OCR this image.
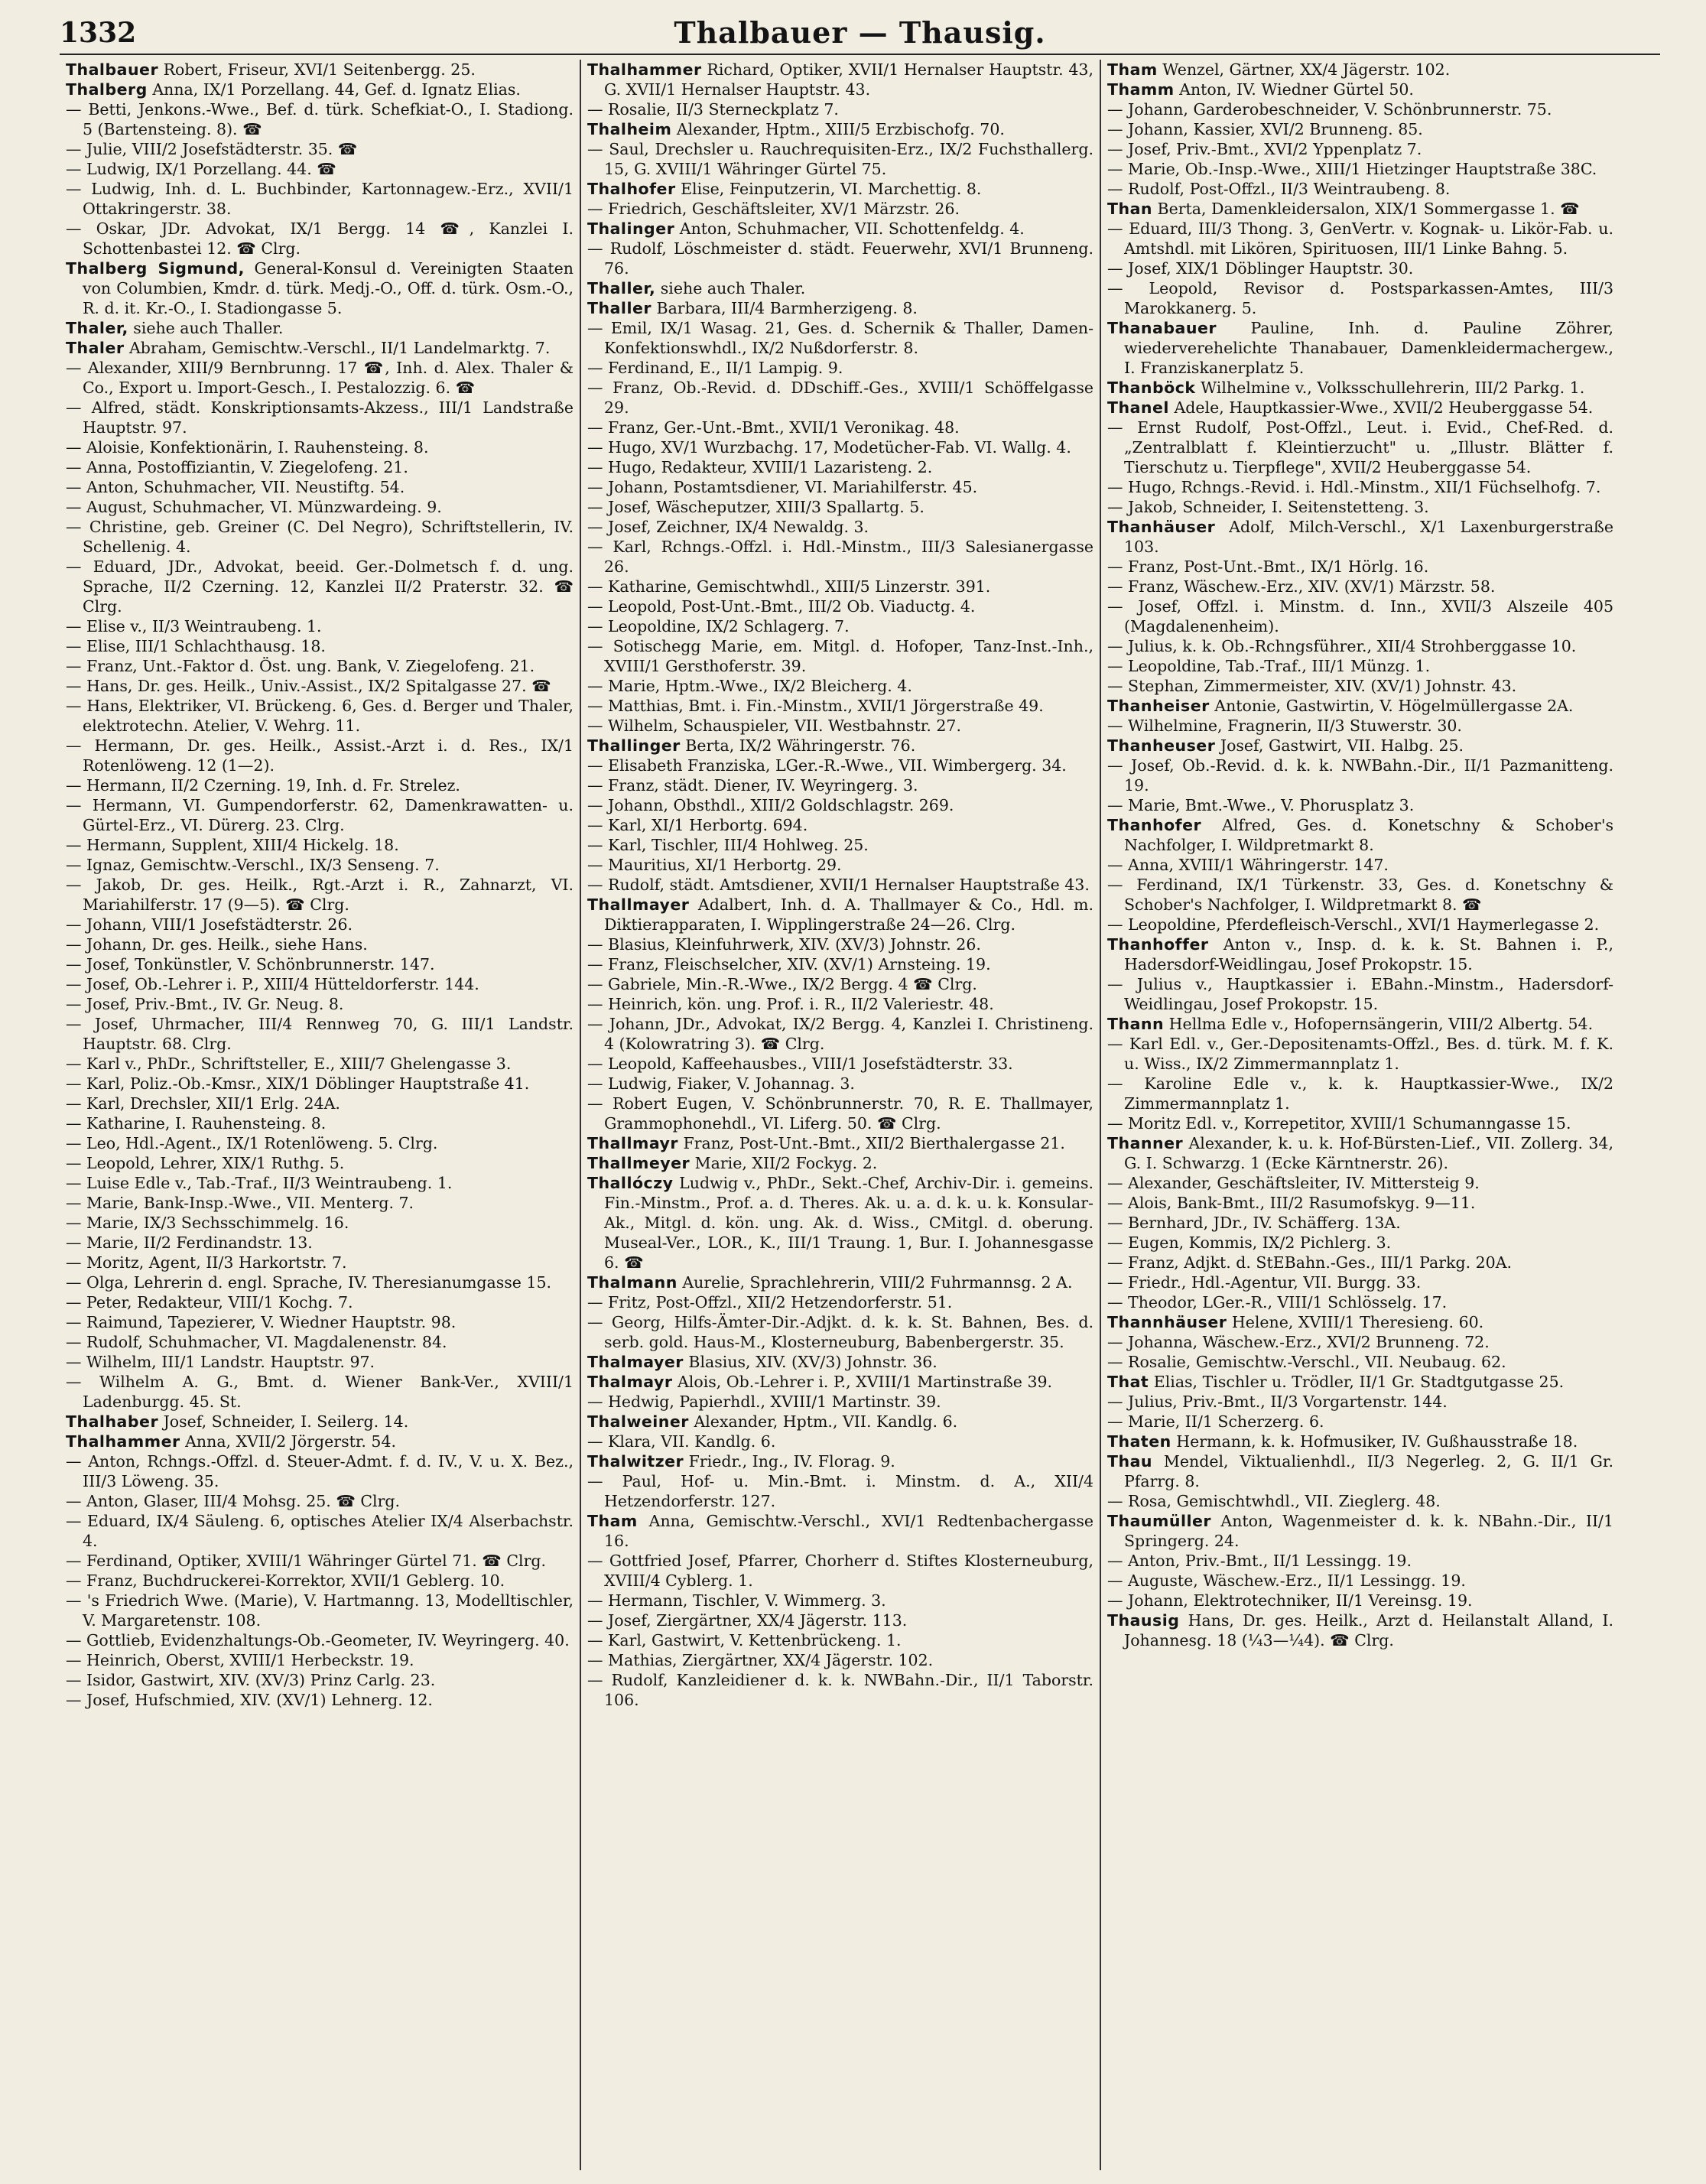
1332	Thalbauer — Thausig.

Thalbauer Robert, Friseur, XVI/1 Seitenbergg. 25.

Thalberg Anna, IX/1 Porzellang. 44, Gef. d. Ignatz Elias.

— Betti, Jenkons.-Wwe., Bef. d. türk. Schefkiat-O., I. Stadiong. 5 (Bartensteing. 8). ☎

— Julie, VIII/2 Josefstädterstr. 35. ☎

— Ludwig, IX/1 Porzellang. 44. ☎

— Ludwig, Inh. d. L. Buchbinder, Kartonnagew.-Erz., XVII/1 Ottakringerstr. 38.

— Oskar, JDr. Advokat, IX/1 Bergg. 14 ☎, Kanzlei I. Schottenbastei 12. ☎ Clrg.

Thalberg Sigmund, General-Konsul d. Vereinigten Staaten von Columbien, Kmdr. d. türk. Medj.-O., Off. d. türk. Osm.-O., R. d. it. Kr.-O., I. Stadiongasse 5.

Thaler, siehe auch Thaller.

Thaler Abraham, Gemischtw.-Verschl., II/1 Landelmarktg. 7.

— Alexander, XIII/9 Bernbrunng. 17 ☎, Inh. d. Alex. Thaler & Co., Export u. Import-Gesch., I. Pestalozzig. 6. ☎

— Alfred, städt. Konskriptionsamts-Akzess., III/1 Landstraße Hauptstr. 97.

— Aloisie, Konfektionärin, I. Rauhensteing. 8.

— Anna, Postoffiziantin, V. Ziegelofeng. 21.

— Anton, Schuhmacher, VII. Neustiftg. 54.

— August, Schuhmacher, VI. Münzwardeing. 9.

— Christine, geb. Greiner (C. Del Negro), Schriftstellerin, IV. Schellenig. 4.

— Eduard, JDr., Advokat, beeid. Ger.-Dolmetsch f. d. ung. Sprache, II/2 Czerning. 12, Kanzlei II/2 Praterstr. 32. ☎ Clrg.

— Elise v., II/3 Weintraubeng. 1.

— Elise, III/1 Schlachthausg. 18.

— Franz, Unt.-Faktor d. Öst. ung. Bank, V. Ziegelofeng. 21.

— Hans, Dr. ges. Heilk., Univ.-Assist., IX/2 Spitalgasse 27. ☎

— Hans, Elektriker, VI. Brückeng. 6, Ges. d. Berger und Thaler, elektrotechn. Atelier, V. Wehrg. 11.

— Hermann, Dr. ges. Heilk., Assist.-Arzt i. d. Res., IX/1 Rotenlöweng. 12 (1—2).

— Hermann, II/2 Czerning. 19, Inh. d. Fr. Strelez.

— Hermann, VI. Gumpendorferstr. 62, Damenkrawatten- u. Gürtel-Erz., VI. Dürerg. 23. Clrg.

— Hermann, Supplent, XIII/4 Hickelg. 18.

— Ignaz, Gemischtw.-Verschl., IX/3 Senseng. 7.

— Jakob, Dr. ges. Heilk., Rgt.-Arzt i. R., Zahnarzt, VI. Mariahilferstr. 17 (9—5). ☎ Clrg.

— Johann, VIII/1 Josefstädterstr. 26.

— Johann, Dr. ges. Heilk., siehe Hans.

— Josef, Tonkünstler, V. Schönbrunnerstr. 147.

— Josef, Ob.-Lehrer i. P., XIII/4 Hütteldorferstr. 144.

— Josef, Priv.-Bmt., IV. Gr. Neug. 8.

— Josef, Uhrmacher, III/4 Rennweg 70, G. III/1 Landstr. Hauptstr. 68. Clrg.

— Karl v., PhDr., Schriftsteller, E., XIII/7 Ghelengasse 3.

— Karl, Poliz.-Ob.-Kmsr., XIX/1 Döblinger Hauptstraße 41.

— Karl, Drechsler, XII/1 Erlg. 24A.

— Katharine, I. Rauhensteing. 8.

— Leo, Hdl.-Agent., IX/1 Rotenlöweng. 5. Clrg.

— Leopold, Lehrer, XIX/1 Ruthg. 5.

— Luise Edle v., Tab.-Traf., II/3 Weintraubeng. 1.

— Marie, Bank-Insp.-Wwe., VII. Menterg. 7.

— Marie, IX/3 Sechsschimmelg. 16.

— Marie, II/2 Ferdinandstr. 13.

— Moritz, Agent, II/3 Harkortstr. 7.

— Olga, Lehrerin d. engl. Sprache, IV. Theresianumgasse 15.

— Peter, Redakteur, VIII/1 Kochg. 7.

— Raimund, Tapezierer, V. Wiedner Hauptstr. 98.

— Rudolf, Schuhmacher, VI. Magdalenenstr. 84.

— Wilhelm, III/1 Landstr. Hauptstr. 97.

— Wilhelm A. G., Bmt. d. Wiener Bank-Ver., XVIII/1 Ladenburgg. 45. St.

Thalhaber Josef, Schneider, I. Seilerg. 14.

Thalhammer Anna, XVII/2 Jörgerstr. 54.

— Anton, Rchngs.-Offzl. d. Steuer-Admt. f. d. IV., V. u. X. Bez., III/3 Löweng. 35.

— Anton, Glaser, III/4 Mohsg. 25. ☎ Clrg.

— Eduard, IX/4 Säuleng. 6, optisches Atelier IX/4 Alserbachstr. 4.

— Ferdinand, Optiker, XVIII/1 Währinger Gürtel 71. ☎ Clrg.

— Franz, Buchdruckerei-Korrektor, XVII/1 Geblerg. 10.

— 's Friedrich Wwe. (Marie), V. Hartmanng. 13, Modelltischler, V. Margaretenstr. 108.

— Gottlieb, Evidenzhaltungs-Ob.-Geometer, IV. Weyringerg. 40.

— Heinrich, Oberst, XVIII/1 Herbeckstr. 19.

— Isidor, Gastwirt, XIV. (XV/3) Prinz Carlg. 23.

— Josef, Hufschmied, XIV. (XV/1) Lehnerg. 12.

Thalhammer Richard, Optiker, XVII/1 Hernalser Hauptstr. 43, G. XVII/1 Hernalser Hauptstr. 43.

— Rosalie, II/3 Sterneckplatz 7.

Thalheim Alexander, Hptm., XIII/5 Erzbischofg. 70.

— Saul, Drechsler u. Rauchrequisiten-Erz., IX/2 Fuchsthallerg. 15, G. XVIII/1 Währinger Gürtel 75.

Thalhofer Elise, Feinputzerin, VI. Marchettig. 8.

— Friedrich, Geschäftsleiter, XV/1 Märzstr. 26.

Thalinger Anton, Schuhmacher, VII. Schottenfeldg. 4.

— Rudolf, Löschmeister d. städt. Feuerwehr, XVI/1 Brunneng. 76.

Thaller, siehe auch Thaler.

Thaller Barbara, III/4 Barmherzigeng. 8.

— Emil, IX/1 Wasag. 21, Ges. d. Schernik & Thaller, Damen-Konfektionswhdl., IX/2 Nußdorferstr. 8.

— Ferdinand, E., II/1 Lampig. 9.

— Franz, Ob.-Revid. d. DDschiff.-Ges., XVIII/1 Schöffelgasse 29.

— Franz, Ger.-Unt.-Bmt., XVII/1 Veronikag. 48.

— Hugo, XV/1 Wurzbachg. 17, Modetücher-Fab. VI. Wallg. 4.

— Hugo, Redakteur, XVIII/1 Lazaristeng. 2.

— Johann, Postamtsdiener, VI. Mariahilferstr. 45.

— Josef, Wäscheputzer, XIII/3 Spallartg. 5.

— Josef, Zeichner, IX/4 Newaldg. 3.

— Karl, Rchngs.-Offzl. i. Hdl.-Minstm., III/3 Salesianergasse 26.

— Katharine, Gemischtwhdl., XIII/5 Linzerstr. 391.

— Leopold, Post-Unt.-Bmt., III/2 Ob. Viaductg. 4.

— Leopoldine, IX/2 Schlagerg. 7.

— Sotischegg Marie, em. Mitgl. d. Hofoper, Tanz-Inst.-Inh., XVIII/1 Gersthoferstr. 39.

— Marie, Hptm.-Wwe., IX/2 Bleicherg. 4.

— Matthias, Bmt. i. Fin.-Minstm., XVII/1 Jörgerstraße 49.

— Wilhelm, Schauspieler, VII. Westbahnstr. 27.

Thallinger Berta, IX/2 Währingerstr. 76.

— Elisabeth Franziska, LGer.-R.-Wwe., VII. Wimbergerg. 34.

— Franz, städt. Diener, IV. Weyringerg. 3.

— Johann, Obsthdl., XIII/2 Goldschlagstr. 269.

— Karl, XI/1 Herbortg. 694.

— Karl, Tischler, III/4 Hohlweg. 25.

— Mauritius, XI/1 Herbortg. 29.

— Rudolf, städt. Amtsdiener, XVII/1 Hernalser Hauptstraße 43.

Thallmayer Adalbert, Inh. d. A. Thallmayer & Co., Hdl. m. Diktierapparaten, I. Wipplingerstraße 24—26. Clrg.

— Blasius, Kleinfuhrwerk, XIV. (XV/3) Johnstr. 26.

— Franz, Fleischselcher, XIV. (XV/1) Arnsteing. 19.

— Gabriele, Min.-R.-Wwe., IX/2 Bergg. 4 ☎ Clrg.

— Heinrich, kön. ung. Prof. i. R., II/2 Valeriestr. 48.

— Johann, JDr., Advokat, IX/2 Bergg. 4, Kanzlei I. Christineng. 4 (Kolowratring 3). ☎ Clrg.

— Leopold, Kaffeehausbes., VIII/1 Josefstädterstr. 33.

— Ludwig, Fiaker, V. Johannag. 3.

— Robert Eugen, V. Schönbrunnerstr. 70, R. E. Thallmayer, Grammophonehdl., VI. Liferg. 50. ☎ Clrg.

Thallmayr Franz, Post-Unt.-Bmt., XII/2 Bierthalergasse 21.

Thallmeyer Marie, XII/2 Fockyg. 2.

Thallóczy Ludwig v., PhDr., Sekt.-Chef, Archiv-Dir. i. gemeins. Fin.-Minstm., Prof. a. d. Theres. Ak. u. a. d. k. u. k. Konsular-Ak., Mitgl. d. kön. ung. Ak. d. Wiss., CMitgl. d. oberung. Museal-Ver., LOR., K., III/1 Traung. 1, Bur. I. Johannesgasse 6. ☎

Thalmann Aurelie, Sprachlehrerin, VIII/2 Fuhrmannsg. 2 A.

— Fritz, Post-Offzl., XII/2 Hetzendorferstr. 51.

— Georg, Hilfs-Ämter-Dir.-Adjkt. d. k. k. St. Bahnen, Bes. d. serb. gold. Haus-M., Klosterneuburg, Babenbergerstr. 35.

Thalmayer Blasius, XIV. (XV/3) Johnstr. 36.

Thalmayr Alois, Ob.-Lehrer i. P., XVIII/1 Martinstraße 39.

— Hedwig, Papierhdl., XVIII/1 Martinstr. 39.

Thalweiner Alexander, Hptm., VII. Kandlg. 6.

— Klara, VII. Kandlg. 6.

Thalwitzer Friedr., Ing., IV. Florag. 9.

— Paul, Hof- u. Min.-Bmt. i. Minstm. d. A., XII/4 Hetzendorferstr. 127.

Tham Anna, Gemischtw.-Verschl., XVI/1 Redtenbachergasse 16.

— Gottfried Josef, Pfarrer, Chorherr d. Stiftes Klosterneuburg, XVIII/4 Cyblerg. 1.

— Hermann, Tischler, V. Wimmerg. 3.

— Josef, Ziergärtner, XX/4 Jägerstr. 113.

— Karl, Gastwirt, V. Kettenbrückeng. 1.

— Mathias, Ziergärtner, XX/4 Jägerstr. 102.

— Rudolf, Kanzleidiener d. k. k. NWBahn.-Dir., II/1 Taborstr. 106.

Tham Wenzel, Gärtner, XX/4 Jägerstr. 102.

Thamm Anton, IV. Wiedner Gürtel 50.

— Johann, Garderobeschneider, V. Schönbrunnerstr. 75.

— Johann, Kassier, XVI/2 Brunneng. 85.

— Josef, Priv.-Bmt., XVI/2 Yppenplatz 7.

— Marie, Ob.-Insp.-Wwe., XIII/1 Hietzinger Hauptstraße 38C.

— Rudolf, Post-Offzl., II/3 Weintraubeng. 8.

Than Berta, Damenkleidersalon, XIX/1 Sommergasse 1. ☎

— Eduard, III/3 Thong. 3, GenVertr. v. Kognak- u. Likör-Fab. u. Amtshdl. mit Likören, Spirituosen, III/1 Linke Bahng. 5.

— Josef, XIX/1 Döblinger Hauptstr. 30.

— Leopold, Revisor d. Postsparkassen-Amtes, III/3 Marokkanerg. 5.

Thanabauer Pauline, Inh. d. Pauline Zöhrer, wiederverehelichte Thanabauer, Damenkleidermachergew., I. Franziskanerplatz 5.

Thanböck Wilhelmine v., Volksschullehrerin, III/2 Parkg. 1.

Thanel Adele, Hauptkassier-Wwe., XVII/2 Heuberggasse 54.

— Ernst Rudolf, Post-Offzl., Leut. i. Evid., Chef-Red. d. „Zentralblatt f. Kleintierzucht" u. „Illustr. Blätter f. Tierschutz u. Tierpflege", XVII/2 Heuberggasse 54.

— Hugo, Rchngs.-Revid. i. Hdl.-Minstm., XII/1 Füchselhofg. 7.

— Jakob, Schneider, I. Seitenstetteng. 3.

Thanhäuser Adolf, Milch-Verschl., X/1 Laxenburgerstraße 103.

— Franz, Post-Unt.-Bmt., IX/1 Hörlg. 16.

— Franz, Wäschew.-Erz., XIV. (XV/1) Märzstr. 58.

— Josef, Offzl. i. Minstm. d. Inn., XVII/3 Alszeile 405 (Magdalenenheim).

— Julius, k. k. Ob.-Rchngsführer., XII/4 Strohberggasse 10.

— Leopoldine, Tab.-Traf., III/1 Münzg. 1.

— Stephan, Zimmermeister, XIV. (XV/1) Johnstr. 43.

Thanheiser Antonie, Gastwirtin, V. Högelmüllergasse 2A.

— Wilhelmine, Fragnerin, II/3 Stuwerstr. 30.

Thanheuser Josef, Gastwirt, VII. Halbg. 25.

— Josef, Ob.-Revid. d. k. k. NWBahn.-Dir., II/1 Pazmanitteng. 19.

— Marie, Bmt.-Wwe., V. Phorusplatz 3.

Thanhofer Alfred, Ges. d. Konetschny & Schober's Nachfolger, I. Wildpretmarkt 8.

— Anna, XVIII/1 Währingerstr. 147.

— Ferdinand, IX/1 Türkenstr. 33, Ges. d. Konetschny & Schober's Nachfolger, I. Wildpretmarkt 8. ☎

— Leopoldine, Pferdefleisch-Verschl., XVI/1 Haymerlegasse 2.

Thanhoffer Anton v., Insp. d. k. k. St. Bahnen i. P., Hadersdorf-Weidlingau, Josef Prokopstr. 15.

— Julius v., Hauptkassier i. EBahn.-Minstm., Hadersdorf-Weidlingau, Josef Prokopstr. 15.

Thann Hellma Edle v., Hofopernsängerin, VIII/2 Albertg. 54.

— Karl Edl. v., Ger.-Depositenamts-Offzl., Bes. d. türk. M. f. K. u. Wiss., IX/2 Zimmermannplatz 1.

— Karoline Edle v., k. k. Hauptkassier-Wwe., IX/2 Zimmermannplatz 1.

— Moritz Edl. v., Korrepetitor, XVIII/1 Schumanngasse 15.

Thanner Alexander, k. u. k. Hof-Bürsten-Lief., VII. Zollerg. 34, G. I. Schwarzg. 1 (Ecke Kärntnerstr. 26).

— Alexander, Geschäftsleiter, IV. Mittersteig 9.

— Alois, Bank-Bmt., III/2 Rasumofskyg. 9—11.

— Bernhard, JDr., IV. Schäfferg. 13A.

— Eugen, Kommis, IX/2 Pichlerg. 3.

— Franz, Adjkt. d. StEBahn.-Ges., III/1 Parkg. 20A.

— Friedr., Hdl.-Agentur, VII. Burgg. 33.

— Theodor, LGer.-R., VIII/1 Schlösselg. 17.

Thannhäuser Helene, XVIII/1 Theresieng. 60.

— Johanna, Wäschew.-Erz., XVI/2 Brunneng. 72.

— Rosalie, Gemischtw.-Verschl., VII. Neubaug. 62.

That Elias, Tischler u. Trödler, II/1 Gr. Stadtgutgasse 25.

— Julius, Priv.-Bmt., II/3 Vorgartenstr. 144.

— Marie, II/1 Scherzerg. 6.

Thaten Hermann, k. k. Hofmusiker, IV. Gußhausstraße 18.

Thau Mendel, Viktualienhdl., II/3 Negerleg. 2, G. II/1 Gr. Pfarrg. 8.

— Rosa, Gemischtwhdl., VII. Zieglerg. 48.

Thaumüller Anton, Wagenmeister d. k. k. NBahn.-Dir., II/1 Springerg. 24.

— Anton, Priv.-Bmt., II/1 Lessingg. 19.

— Auguste, Wäschew.-Erz., II/1 Lessingg. 19.

— Johann, Elektrotechniker, II/1 Vereinsg. 19.

Thausig Hans, Dr. ges. Heilk., Arzt d. Heilanstalt Alland, I. Johannesg. 18 (¼3—¼4). ☎ Clrg.
